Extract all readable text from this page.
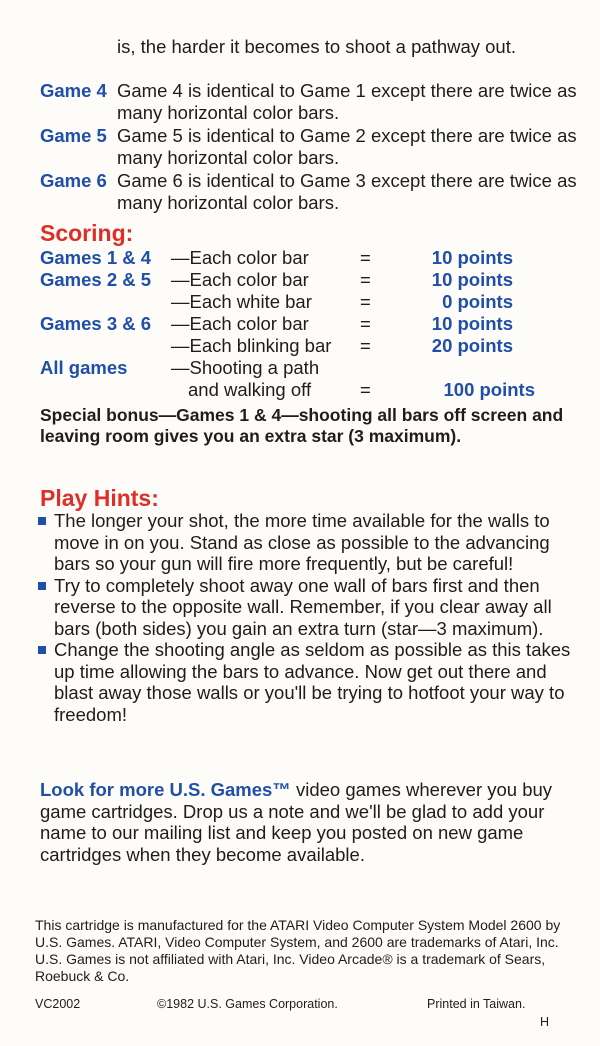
is, the harder it becomes to shoot a pathway out.
Game 4 Game 4 is identical to Game 1 except there are twice as many horizontal color bars.
Game 5 Game 5 is identical to Game 2 except there are twice as many horizontal color bars.
Game 6 Game 6 is identical to Game 3 except there are twice as many horizontal color bars.
Scoring:
Games 1 & 4 —Each color bar	=	10 points
Games 2 & 5 —Each color bar	=	10 points
—Each white bar	=	0 points
Games 3 & 6 —Each color bar	=	10 points
—Each blinking bar =	20 points
All games —Shooting a path
and walking off	=	100 points
Special bonus—Games 1 & 4—shooting all bars off screen and leaving room gives you an extra star (3 maximum).
Play Hints:
The longer your shot, the more time available for the walls to move in on you. Stand as close as possible to the advancing bars so your gun will fire more frequently, but be careful!
Try to completely shoot away one wall of bars first and then reverse to the opposite wall. Remember, if you clear away all bars (both sides) you gain an extra turn (star—3 maximum).
Change the shooting angle as seldom as possible as this takes up time allowing the bars to advance. Now get out there and blast away those walls or you'll be trying to hotfoot your way to freedom!
Look for more U.S. Games™ video games wherever you buy game cartridges. Drop us a note and we'll be glad to add your name to our mailing list and keep you posted on new game cartridges when they become available.
This cartridge is manufactured for the ATARI Video Computer System Model 2600 by U.S. Games. ATARI, Video Computer System, and 2600 are trademarks of Atari, Inc. U.S. Games is not affiliated with Atari, Inc. Video Arcade® is a trademark of Sears, Roebuck & Co.
VC2002	©1982 U.S. Games Corporation.	Printed in Taiwan.
H
